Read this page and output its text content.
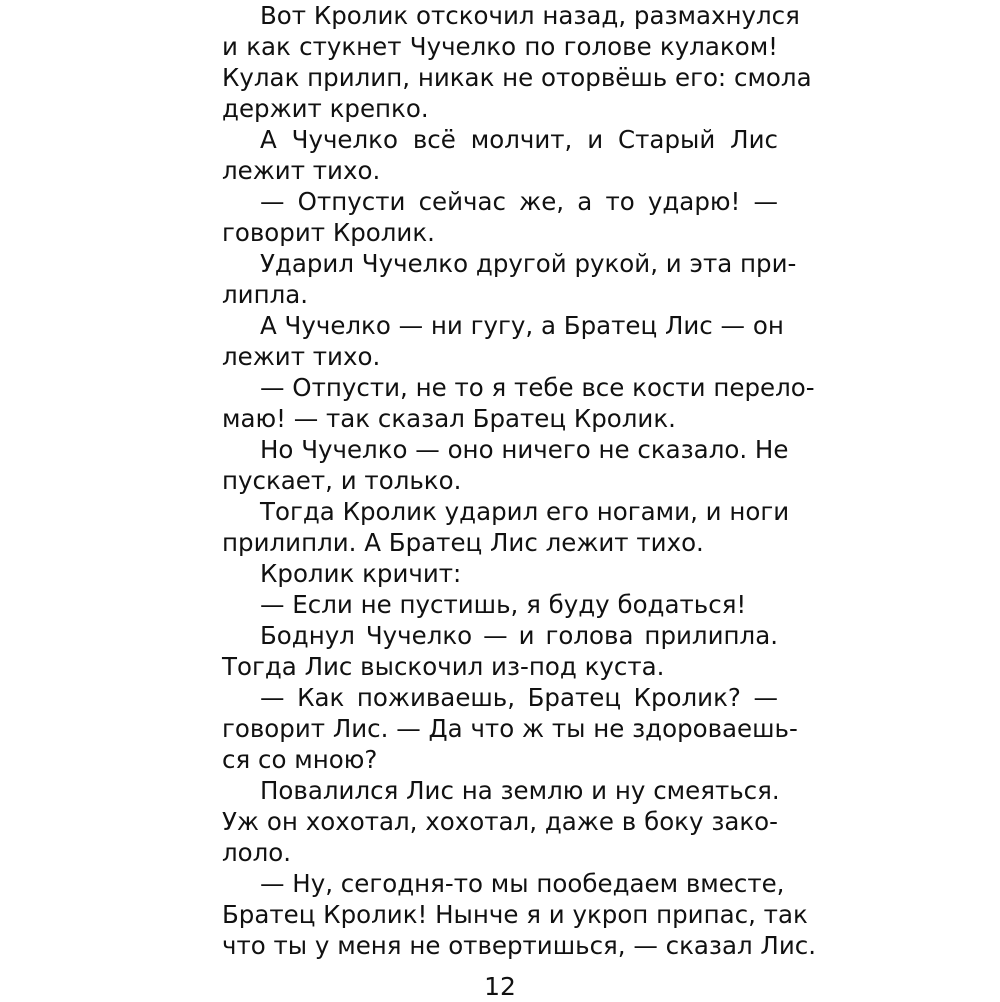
Вот Кролик отскочил назад, размахнулся
и как стукнет Чучелко по голове кулаком!
Кулак прилип, никак не оторвёшь его: смола
держит крепко.
А Чучелко всё молчит, и Старый Лис
лежит тихо.
— Отпусти сейчас же, а то ударю! —
говорит Кролик.
Ударил Чучелко другой рукой, и эта при-
липла.
А Чучелко — ни гугу, а Братец Лис — он
лежит тихо.
— Отпусти, не то я тебе все кости перело-
маю! — так сказал Братец Кролик.
Но Чучелко — оно ничего не сказало. Не
пускает, и только.
Тогда Кролик ударил его ногами, и ноги
прилипли. А Братец Лис лежит тихо.
Кролик кричит:
— Если не пустишь, я буду бодаться!
Боднул Чучелко — и голова прилипла.
Тогда Лис выскочил из-под куста.
— Как поживаешь, Братец Кролик? —
говорит Лис. — Да что ж ты не здороваешь-
ся со мною?
Повалился Лис на землю и ну смеяться.
Уж он хохотал, хохотал, даже в боку зако-
лоло.
— Ну, сегодня-то мы пообедаем вместе,
Братец Кролик! Нынче я и укроп припас, так
что ты у меня не отвертишься, — сказал Лис.
12
